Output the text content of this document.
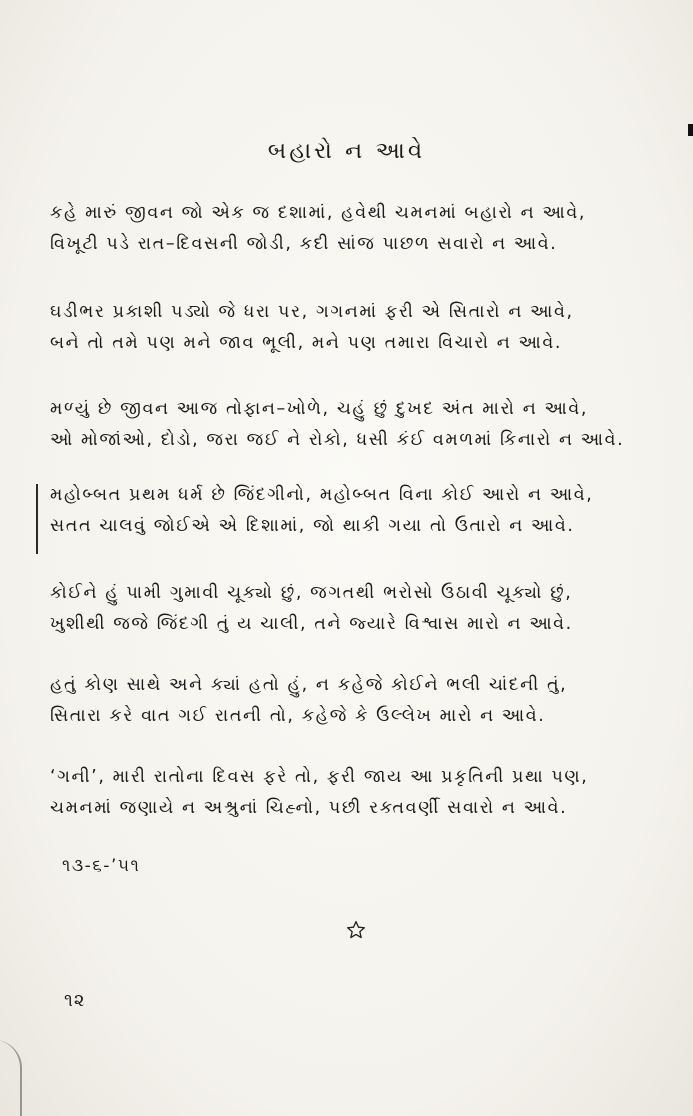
બહારો ન આવે
કહે મારું જીવન જો એક જ દશામાં, હવેથી ચમનમાં બહારો ન આવે,
વિખૂટી પડે રાત–દિવસની જોડી, કદી સાંજ પાછળ સવારો ન આવે.
ઘડીભર પ્રકાશી પડ્યો જે ધરા પર, ગગનમાં ફરી એ સિતારો ન આવે,
બને તો તમે પણ મને જાવ ભૂલી, મને પણ તમારા વિચારો ન આવે.
મળ્યું છે જીવન આજ તોફાન–ખોળે, ચહું છું દુખદ અંત મારો ન આવે,
ઓ મોજાંઓ, દોડો, જરા જઈ ને રોકો, ધસી કંઈ વમળમાં કિનારો ન આવે.
મહોબ્બત પ્રથમ ધર્મ છે જિંદગીનો, મહોબ્બત વિના કોઈ આરો ન આવે,
સતત ચાલવું જોઈએ એ દિશામાં, જો થાકી ગયા તો ઉતારો ન આવે.
કોઈને હું પામી ગુમાવી ચૂક્યો છું, જગતથી ભરોસો ઉઠાવી ચૂક્યો છું,
ખુશીથી જજે જિંદગી તું ય ચાલી, તને જ્યારે વિશ્વાસ મારો ન આવે.
હતું કોણ સાથે અને ક્યાં હતો હું, ન કહેજે કોઈને ભલી ચાંદની તું,
સિતારા કરે વાત ગઈ રાતની તો, કહેજે કે ઉલ્લેખ મારો ન આવે.
‘ગની’, મારી રાતોના દિવસ ફરે તો, ફરી જાય આ પ્રકૃતિની પ્રથા પણ,
ચમનમાં જણાયે ન અશ્રુનાં ચિહ્નો, પછી રક્તવર્ણી સવારો ન આવે.
૧૩-૬-’૫૧
૧૨
